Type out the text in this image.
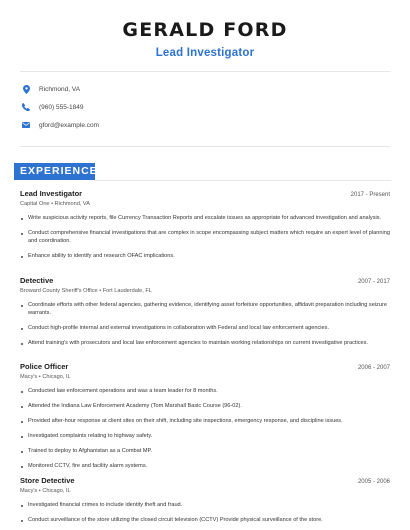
GERALD FORD
Lead Investigator
Richmond, VA
(960) 555-1849
gford@example.com
EXPERIENCE
Lead Investigator	2017 - Present
Capital One • Richmond, VA
Write suspicious activity reports, file Currency Transaction Reports and escalate issues as appropriate for advanced investigation and analysis.
Conduct comprehensive financial investigations that are complex in scope encompassing subject matters which require an expert level of planning and coordination.
Enhance ability to identify and research OFAC implications.
Detective	2007 - 2017
Broward County Sheriff's Office • Fort Lauderdale, FL
Coordinate efforts with other federal agencies, gathering evidence, identifying asset forfeiture opportunities, affidavit preparation including seizure warrants.
Conduct high-profile internal and external investigations in collaboration with Federal and local law enforcement agencies.
Attend training's with prosecutors and local law enforcement agencies to maintain working relationships on current investigative practices.
Police Officer	2006 - 2007
Macy's • Chicago, IL
Conducted law enforcement operations and was a team leader for 8 months.
Attended the Indiana Law Enforcement Academy (Tom Marshall Basic Course (96-02).
Provided after-hour response at client sites on their shift, including site inspections, emergency response, and discipline issues.
Investigated complaints relating to highway safety.
Trained to deploy to Afghanistan as a Combat MP.
Monitored CCTV, fire and facility alarm systems.
Store Detective	2005 - 2006
Macy's • Chicago, IL
Investigated financial crimes to include identity theft and fraud.
Conduct surveillance of the store utilizing the closed circuit television (CCTV) Provide physical surveillance of the store.
